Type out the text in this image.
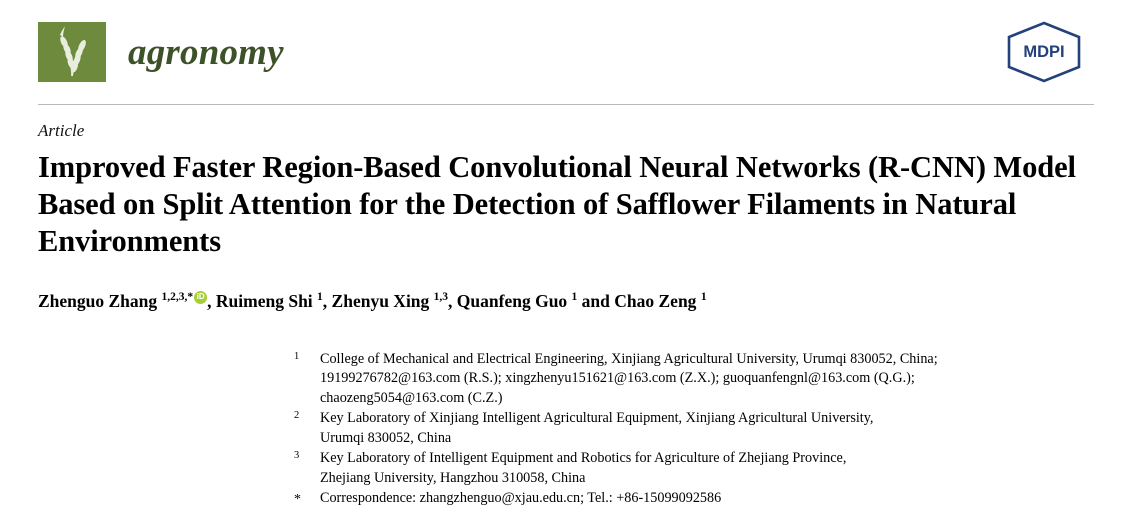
agronomy	MDPI
Article
Improved Faster Region-Based Convolutional Neural Networks (R-CNN) Model Based on Split Attention for the Detection of Safflower Filaments in Natural Environments
Zhenguo Zhang $^{1,2,3,*}$ iD , Ruimeng Shi $^1$, Zhenyu Xing $^{1,3}$, Quanfeng Guo $^1$ and Chao Zeng $^1$
1	College of Mechanical and Electrical Engineering, Xinjiang Agricultural University, Urumqi 830052, China;
19199276782@163.com (R.S.); xingzhenyu151621@163.com (Z.X.); guoquanfengnl@163.com (Q.G.);
chaozeng5054@163.com (C.Z.)
2	Key Laboratory of Xinjiang Intelligent Agricultural Equipment, Xinjiang Agricultural University,
Urumqi 830052, China
3	Key Laboratory of Intelligent Equipment and Robotics for Agriculture of Zhejiang Province,
Zhejiang University, Hangzhou 310058, China
*	Correspondence: zhangzhenguo@xjau.edu.cn; Tel.: +86-15099092586
